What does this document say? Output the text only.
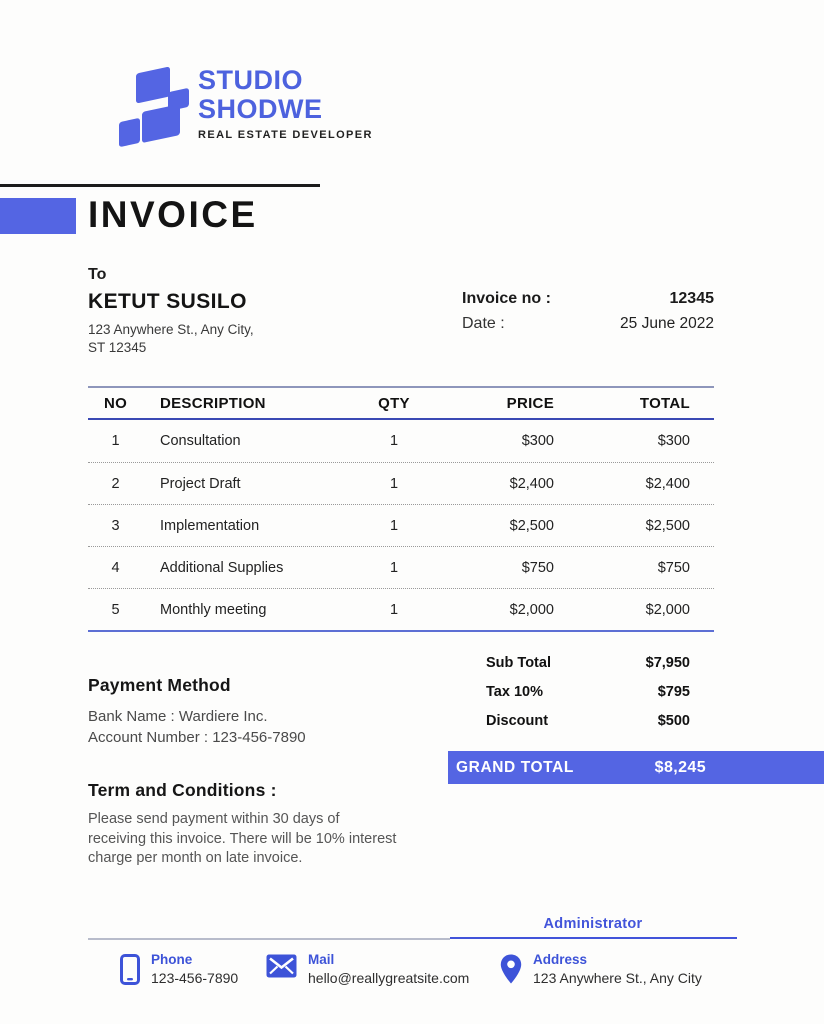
STUDIO
SHODWE
REAL ESTATE DEVELOPER
INVOICE
To
KETUT SUSILO
123 Anywhere St., Any City,
ST 12345
Invoice no :	12345
Date :	25 June 2022
NO	DESCRIPTION	QTY	PRICE	TOTAL
1	Consultation	1	$300	$300
2	Project Draft	1	$2,400	$2,400
3	Implementation	1	$2,500	$2,500
4	Additional Supplies	1	$750	$750
5	Monthly meeting	1	$2,000	$2,000
Sub Total	$7,950
Tax 10%	$795
Discount	$500
GRAND TOTAL	$8,245
Payment Method
Bank Name : Wardiere Inc.
Account Number : 123-456-7890
Term and Conditions :
Please send payment within 30 days of
receiving this invoice. There will be 10% interest
charge per month on late invoice.
Administrator
Phone
123-456-7890
Mail
hello@reallygreatsite.com
Address
123 Anywhere St., Any City
